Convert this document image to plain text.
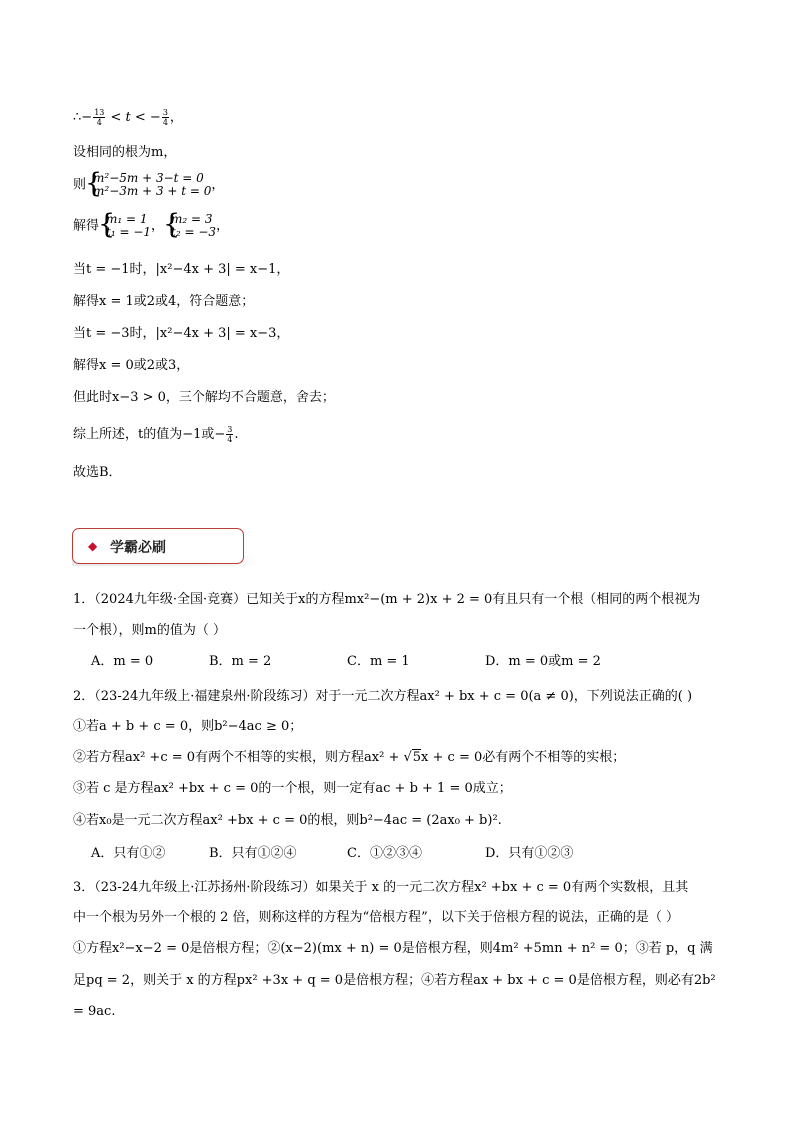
∴− $\frac{13}{4} < t$ < − $\frac{3}{4}$ ，
设相同的根为m，
则 { m²−5m + 3−t = 0
m²−3m + 3 + t = 0 ，
解得 { m₁ = 1
t₁ = −1 ， { m₂ = 3
t₂ = −3 ，
当t = −1时，|x²−4x + 3| = x−1，
解得x = 1或2或4，符合题意；
当t = −3时，|x²−4x + 3| = x−3，
解得x = 0或2或3，
但此时x−3 > 0，三个解均不合题意，舍去；
综上所述，t的值为−1或− $\frac{3}{4}$ .
故选B．
◆ 学霸必刷
1．（2024九年级·全国·竞赛）已知关于x的方程mx²−(m + 2)x + 2 = 0有且只有一个根（相同的两个根视为
一个根），则m的值为（ ）
A．m = 0	B．m = 2	C．m = 1	D．m = 0或m = 2
2．（23-24九年级上·福建泉州·阶段练习）对于一元二次方程ax² + bx + c = 0(a ≠ 0)，下列说法正确的( )
①若a + b + c = 0，则b²−4ac ≥ 0；
②若方程ax² +c = 0有两个不相等的实根，则方程ax² + √5x + c = 0必有两个不相等的实根；
③若 c 是方程ax² +bx + c = 0的一个根，则一定有ac + b + 1 = 0成立；
④若x₀是一元二次方程ax² +bx + c = 0的根，则b²−4ac = (2ax₀ + b)².
A．只有①②	B．只有①②④	C．①②③④	D．只有①②③
3．（23-24九年级上·江苏扬州·阶段练习）如果关于 x 的一元二次方程x² +bx + c = 0有两个实数根，且其
中一个根为另外一个根的 2 倍，则称这样的方程为“倍根方程”，以下关于倍根方程的说法，正确的是（ ）
①方程x²−x−2 = 0是倍根方程；②(x−2)(mx + n) = 0是倍根方程，则4m² +5mn + n² = 0；③若 p，q 满
足pq = 2，则关于 x 的方程px² +3x + q = 0是倍根方程；④若方程ax + bx + c = 0是倍根方程，则必有2b²
= 9ac.
